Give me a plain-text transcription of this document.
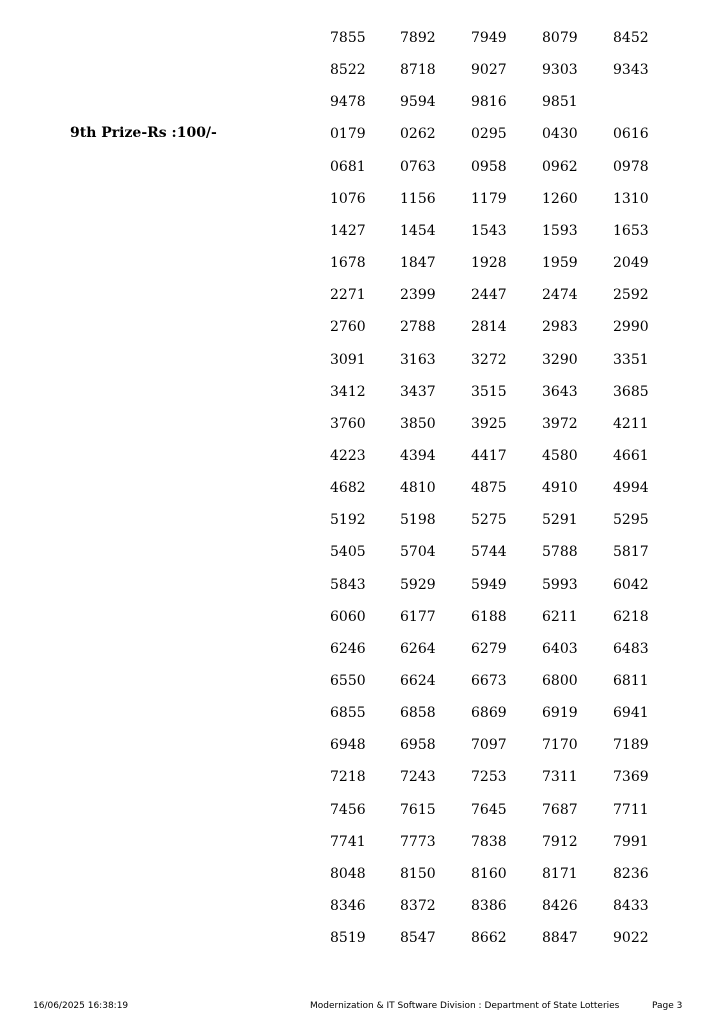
9th Prize-Rs :100/-
7855 7892	7949	8079	8452
8522 8718	9027	9303	9343
9478 9594	9816	9851
0179 0262	0295	0430	0616
0681 0763	0958	0962	0978
1076 1156	1179	1260	1310
1427 1454	1543	1593	1653
1678 1847	1928	1959	2049
2271 2399	2447	2474	2592
2760 2788	2814	2983	2990
3091 3163	3272	3290	3351
3412 3437	3515	3643	3685
3760 3850	3925	3972	4211
4223 4394	4417	4580	4661
4682 4810	4875	4910	4994
5192 5198	5275	5291	5295
5405 5704	5744	5788	5817
5843 5929	5949	5993	6042
6060 6177	6188	6211	6218
6246 6264	6279	6403	6483
6550 6624	6673	6800	6811
6855 6858	6869	6919	6941
6948 6958	7097	7170	7189
7218 7243	7253	7311	7369
7456 7615	7645	7687	7711
7741 7773	7838	7912	7991
8048 8150	8160	8171	8236
8346 8372	8386	8426	8433
8519 8547	8662	8847	9022
16/06/2025 16:38:19	Modernization & IT Software Division : Department of State Lotteries	Page 3
